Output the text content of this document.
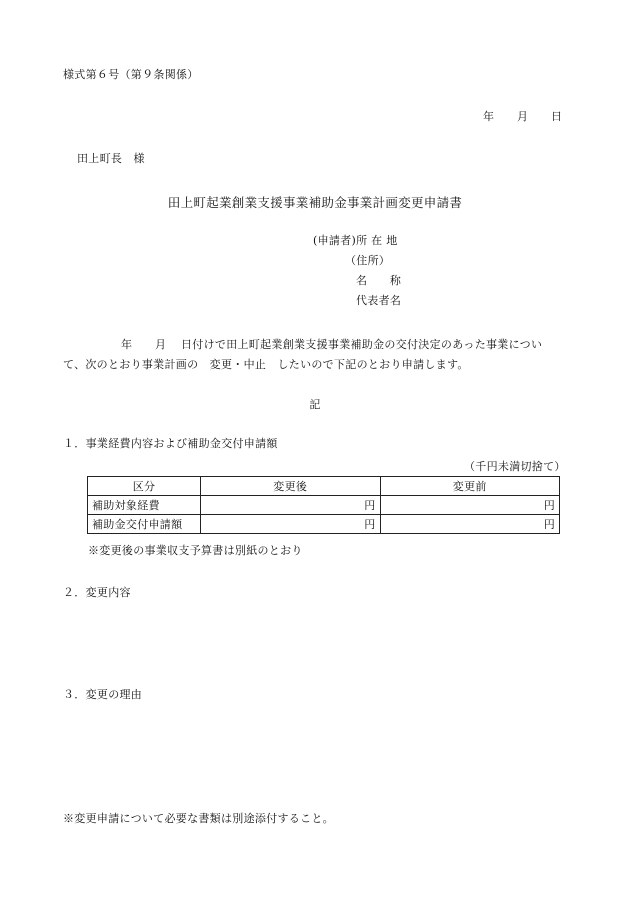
様式第６号（第９条関係）
年 月 日
田上町長　様
田上町起業創業支援事業補助金事業計画変更申請書
(申請者)所 在 地
（住所）
名　　称
代表者名
年 月 日付けで田上町起業創業支援事業補助金の交付決定のあった事業につい
て、次のとおり事業計画の　変更・中止　したいので下記のとおり申請します。
記
１．事業経費内容および補助金交付申請額
（千円未満切捨て）
区分	変更後	変更前
補助対象経費	円	円
補助金交付申請額	円	円
※変更後の事業収支予算書は別紙のとおり
２．変更内容
３．変更の理由
※変更申請について必要な書類は別途添付すること。
